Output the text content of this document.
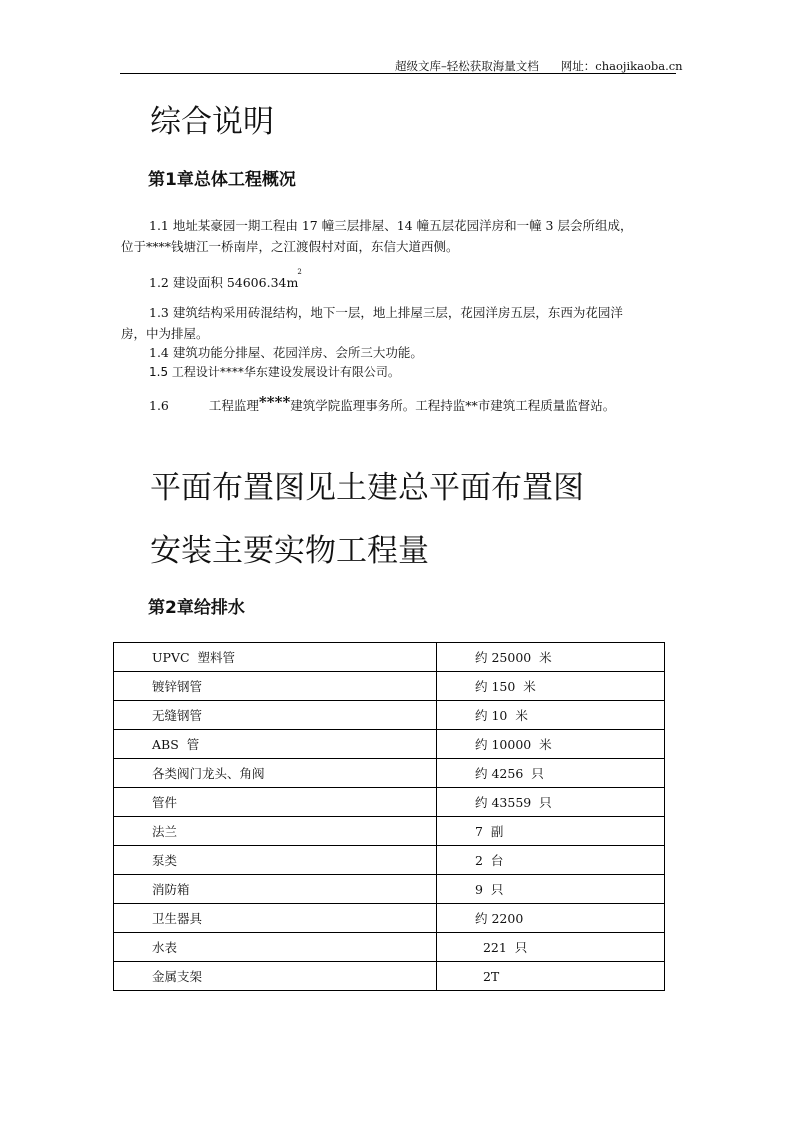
超级文库–轻松获取海量文档 网址：chaojikaoba.cn
综合说明
第1章总体工程概况
1.1 地址某豪园一期工程由 17 幢三层排屋、14 幢五层花园洋房和一幢 3 层会所组成，
位于****钱塘江一桥南岸，之江渡假村对面，东信大道西侧。
1.2 建设面积 $54606.34m^2$
1.3 建筑结构采用砖混结构，地下一层，地上排屋三层，花园洋房五层，东西为花园洋
房，中为排屋。
1.4 建筑功能分排屋、花园洋房、会所三大功能。
1.5 工程设计****华东建设发展设计有限公司。
1.6	工程监理****建筑学院监理事务所。工程持监**市建筑工程质量监督站。
平面布置图见土建总平面布置图
安装主要实物工程量
第2章给排水
UPVC  塑料管	约 25000  米
镀锌钢管	约 150  米
无缝钢管	约 10  米
ABS  管	约 10000  米
各类阀门龙头、角阀	约 4256  只
管件	约 43559  只
法兰	7  副
泵类	2  台
消防箱	9  只
卫生器具	约 2200
水表	221  只
金属支架	2T
